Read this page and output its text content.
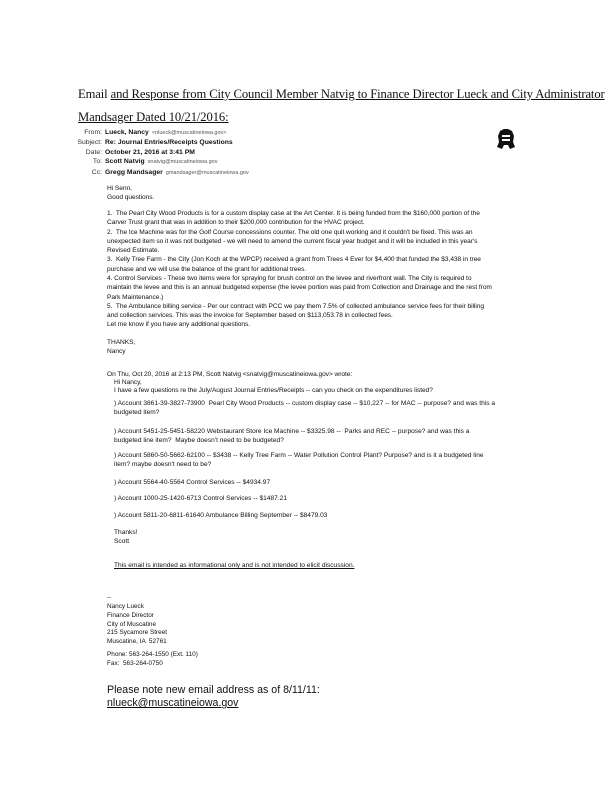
Email and Response from City Council Member Natvig to Finance Director Lueck and City Administrator
Mandsager Dated 10/21/2016:
From: Lueck, Nancy <nlueck@muscatineiowa.gov>
Subject: Re: Journal Entries/Receipts Questions
Date: October 21, 2016 at 3:41 PM
To: Scott Natvig snatvig@muscatineiowa.gov
Cc: Gregg Mandsager gmandsager@muscatineiowa.gov
Hi Senn,
Good questions.
1.  The Pearl City Wood Products is for a custom display case at the Art Center. It is being funded from the $160,000 portion of the
Carver Trust grant that was in addition to their $200,000 contribution for the HVAC project.
2.  The Ice Machine was for the Golf Course concessions counter. The old one quit working and it couldn't be fixed. This was an
unexpected item so it was not budgeted - we will need to amend the current fiscal year budget and it will be included in this year's
Revised Estimate.
3.  Kelly Tree Farm - the City (Jon Koch at the WPCP) received a grant from Trees 4 Ever for $4,400 that funded the $3,438 in tree
purchase and we will use the balance of the grant for additional trees.
4. Control Services - These two items were for spraying for brush control on the levee and riverfront wall. The City is required to
maintain the levee and this is an annual budgeted expense (the levee portion was paid from Collection and Drainage and the rest from
Park Maintenance.)
5.  The Ambulance billing service - Per our contract with PCC we pay them 7.5% of collected ambulance service fees for their billing
and collection services. This was the invoice for September based on $113,053.78 in collected fees.
Let me know if you have any additional questions.
THANKS,
Nancy
On Thu, Oct 20, 2016 at 2:13 PM, Scott Natvig <snatvig@muscatineiowa.gov> wrote:
Hi Nancy,
I have a few questions re the July/August Journal Entries/Receipts -- can you check on the expenditures listed?
) Account 3861-39-3827-73900  Pearl City Wood Products -- custom display case -- $10,227 -- for MAC -- purpose? and was this a
budgeted item?
) Account 5451-25-5451-58220 Webstaurant Store Ice Machine -- $3325.98 --  Parks and REC -- purpose? and was this a
budgeted line item?  Maybe doesn't need to be budgeted?
) Account 5860-50-5662-62100 -- $3438 -- Kelly Tree Farm -- Water Pollution Control Plant? Purpose? and is it a budgeted line
item? maybe doesn't need to be?
) Account 5564-40-5564 Control Services -- $4934.97
) Account 1000-25-1420-6713 Control Services -- $1487.21
) Account 5811-20-6811-61640 Ambulance Billing September -- $8479.03
Thanks!
Scott
This email is intended as informational only and is not intended to elicit discussion.
--
Nancy Lueck
Finance Director
City of Muscatine
215 Sycamore Street
Muscatine, IA  52761
Phone: 563-264-1550 (Ext. 110)
Fax:  563-264-0750
Please note new email address as of 8/11/11:
nlueck@muscatineiowa.gov
